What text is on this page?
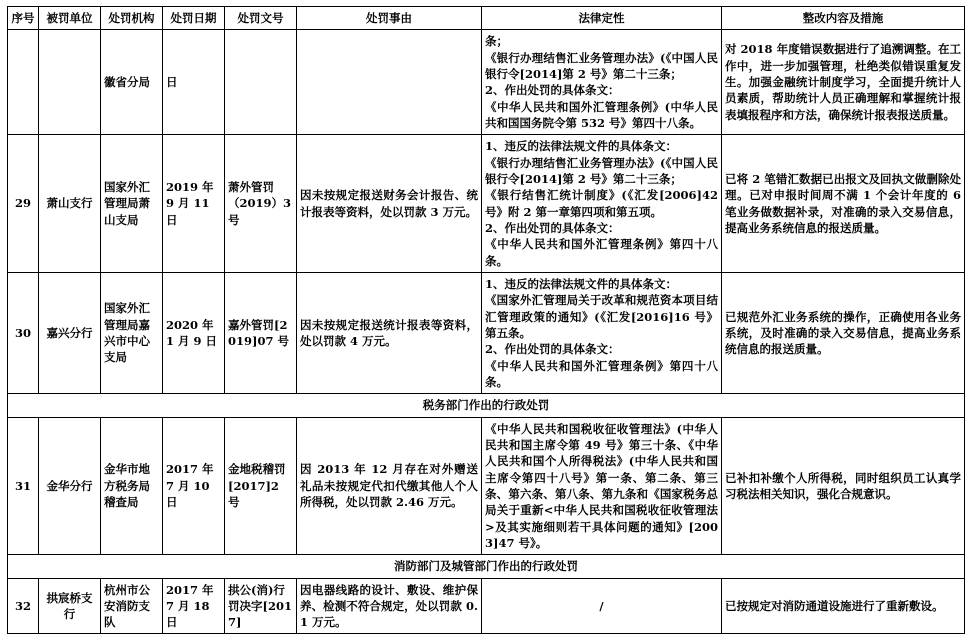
序号	被罚单位	处罚机构	处罚日期	处罚文号	处罚事由	法律定性	整改内容及措施
		徽省分局	日			条；
《银行办理结售汇业务管理办法》(《中国人民银行令[2014]第 2 号》第二十三条；
2、作出处罚的具体条文：
《中华人民共和国外汇管理条例》(中华人民共和国国务院令第 532 号》第四十八条。	对 2018 年度错误数据进行了追溯调整。在工作中，进一步加强管理，杜绝类似错误重复发生。加强金融统计制度学习，全面提升统计人员素质，帮助统计人员正确理解和掌握统计报表填报程序和方法，确保统计报表报送质量。
29	萧山支行	国家外汇管理局萧山支局	2019 年 9 月 11 日	萧外管罚（2019）3 号	因未按规定报送财务会计报告、统计报表等资料，处以罚款 3 万元。	1、违反的法律法规文件的具体条文：
《银行办理结售汇业务管理办法》(《中国人民银行令[2014]第 2 号》第二十三条；
《银行结售汇统计制度》(《汇发[2006]42 号》附 2 第一章第四项和第五项。
2、作出处罚的具体条文：
《中华人民共和国外汇管理条例》第四十八条。	已将 2 笔错汇数据已出报文及回执文做删除处理。已对申报时间周不满 1 个会计年度的 6 笔业务做数据补录，对准确的录入交易信息，提高业务系统信息的报送质量。
30	嘉兴分行	国家外汇管理局嘉兴市中心支局	2020 年 1 月 9 日	嘉外管罚[2019]07 号	因未按规定报送统计报表等资料，处以罚款 4 万元。	1、违反的法律法规文件的具体条文：
《国家外汇管理局关于改革和规范资本项目结汇管理政策的通知》(《汇发[2016]16 号》第五条。
2、作出处罚的具体条文：
《中华人民共和国外汇管理条例》第四十八条。	已规范外汇业务系统的操作，正确使用各业务系统，及时准确的录入交易信息，提高业务系统信息的报送质量。
税务部门作出的行政处罚							
31	金华分行	金华市地方税务局稽查局	2017 年 7 月 10 日	金地税稽罚[2017]2 号	因 2013 年 12 月存在对外赠送礼品未按规定代扣代缴其他人个人所得税，处以罚款 2.46 万元。	《中华人民共和国税收征收管理法》(中华人民共和国主席令第 49 号》第三十条、《中华人民共和国个人所得税法》(中华人民共和国主席令第四十八号》第一条、第二条、第三条、第六条、第八条、第九条和《国家税务总局关于重新<中华人民共和国税收征收管理法>及其实施细则若干具体问题的通知》[2003]47 号》。	已补扣补缴个人所得税，同时组织员工认真学习税法相关知识，强化合规意识。
消防部门及城管部门作出的行政处罚							
32	拱宸桥支行	杭州市公安消防支队	2017 年 7 月 18 日	拱公(消)行罚决字[2017]	因电器线路的设计、敷设、维护保养、检测不符合规定，处以罚款 0.1 万元。	/	已按规定对消防通道设施进行了重新敷设。
